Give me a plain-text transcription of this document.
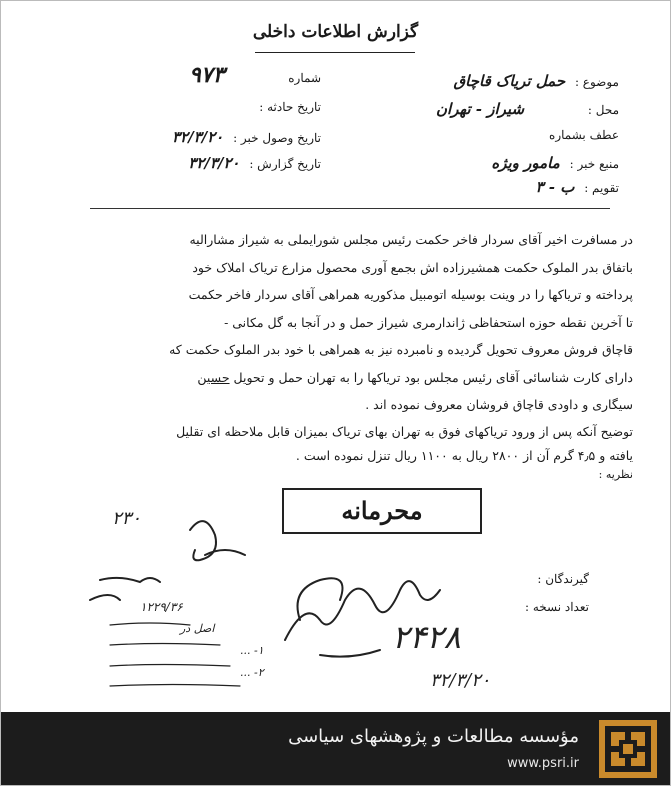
گزارش اطلاعات داخلی
موضوع : حمل تریاک قاچاق
محل : شیراز - تهران
عطف بشماره
منبع خبر : مامور ویژه
تقویم : ب - ۳
شماره ۹۷۳
تاریخ حادثه :
تاریخ وصول خبر : ۳۲/۳/۲۰
تاریخ گزارش : ۳۲/۳/۲۰

در مسافرت اخیر آقای سردار فاخر حکمت رئیس مجلس شورایملی به شیراز مشارالیه

باتفاق بدر الملوک حکمت همشیرزاده اش بجمع آوری محصول مزارع تریاک املاک خود

پرداخته و تریاکها را در وینت بوسیله اتومبیل مذکوریه همراهی آقای سردار فاخر حکمت

تا آخرین نقطه حوزه استحفاظی ژاندارمری شیراز حمل و در آنجا به گل مکانی -

قاچاق فروش معروف تحویل گردیده و نامبرده نیز به همراهی با خود بدر الملوک حکمت که

دارای کارت شناسائی آقای رئیس مجلس بود تریاکها را به تهران حمل و تحویل حسین

سیگاری و داودی قاچاق فروشان معروف نموده اند .

توضیح آنکه پس از ورود تریاکهای فوق به تهران بهای تریاک بمیزان قابل ملاحظه ای تقلیل

یافته و ۴٫۵ گرم آن از ۲۸۰۰ ریال به ۱۱۰۰ ریال تنزل نموده است .

نظریه :

محرمانه
گیرندگان :
تعداد نسخه :
۲۴۲۸
۳۲/۳/۲۰
۲۳۰
۱۲۲۹/۳۶
اصل در
۱- ...
۲- ...
مؤسسه مطالعات و پژوهشهای سیاسی
www.psri.ir
